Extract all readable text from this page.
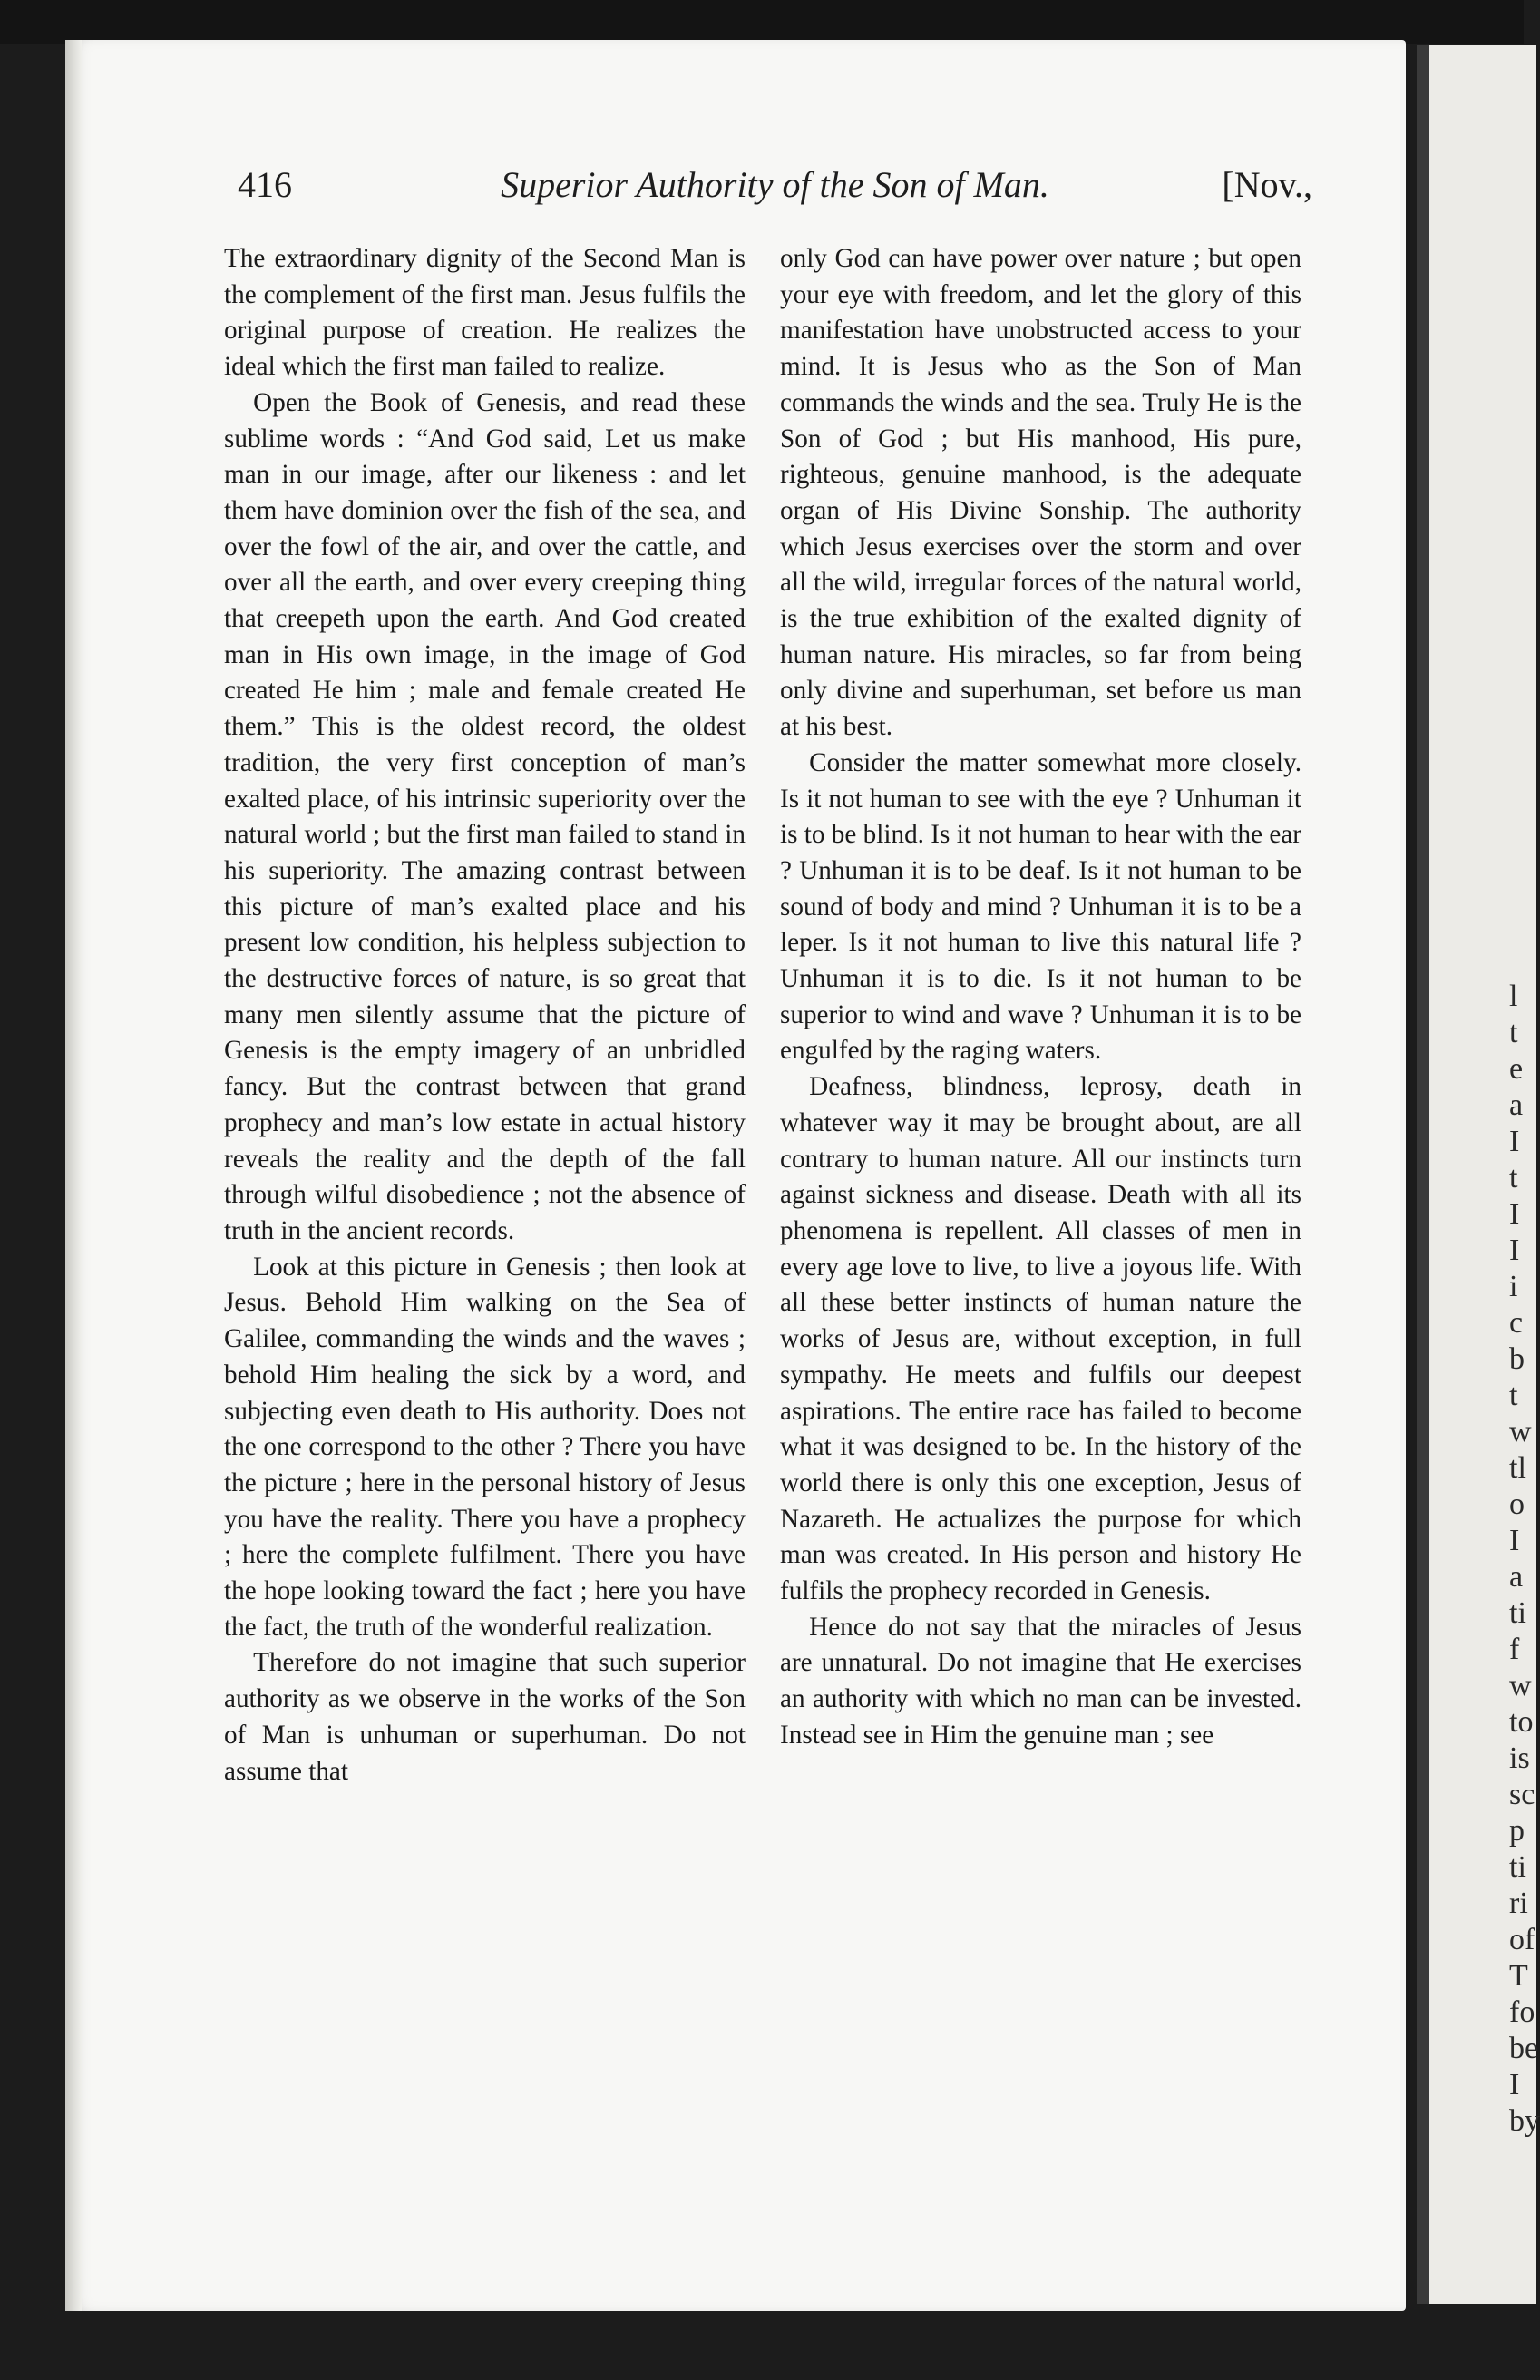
l
t
e
a
I
t
I
I
i
c
b
t
w
tl
o
I
a
ti
f
w
to
is
sc
p
ti
ri
of
T
fo
be
I
by
416	Superior Authority of the Son of Man.	[Nov.,

The extraordinary dignity of the Second Man is the complement of the first man. Jesus fulfils the original purpose of creation. He realizes the ideal which the first man failed to realize.

Open the Book of Genesis, and read these sublime words : “And God said, Let us make man in our image, after our likeness : and let them have dominion over the fish of the sea, and over the fowl of the air, and over the cattle, and over all the earth, and over every creeping thing that creepeth upon the earth. And God created man in His own image, in the image of God created He him ; male and female created He them.” This is the oldest record, the oldest tradition, the very first conception of man’s exalted place, of his intrinsic superiority over the natural world ; but the first man failed to stand in his superiority. The amazing contrast between this picture of man’s exalted place and his present low condition, his helpless subjection to the destructive forces of nature, is so great that many men silently assume that the picture of Genesis is the empty imagery of an unbridled fancy. But the contrast between that grand prophecy and man’s low estate in actual history reveals the reality and the depth of the fall through wilful disobedience ; not the absence of truth in the ancient records.

Look at this picture in Genesis ; then look at Jesus. Behold Him walking on the Sea of Galilee, commanding the winds and the waves ; behold Him healing the sick by a word, and subjecting even death to His authority. Does not the one correspond to the other ? There you have the picture ; here in the personal history of Jesus you have the reality. There you have a prophecy ; here the complete fulfilment. There you have the hope looking toward the fact ; here you have the fact, the truth of the wonderful realization.

Therefore do not imagine that such superior authority as we observe in the works of the Son of Man is unhuman or superhuman. Do not assume that

only God can have power over nature ; but open your eye with freedom, and let the glory of this manifestation have unobstructed access to your mind. It is Jesus who as the Son of Man commands the winds and the sea. Truly He is the Son of God ; but His manhood, His pure, righteous, genuine manhood, is the adequate organ of His Divine Sonship. The authority which Jesus exercises over the storm and over all the wild, irregular forces of the natural world, is the true exhibition of the exalted dignity of human nature. His miracles, so far from being only divine and superhuman, set before us man at his best.

Consider the matter somewhat more closely. Is it not human to see with the eye ? Unhuman it is to be blind. Is it not human to hear with the ear ? Unhuman it is to be deaf. Is it not human to be sound of body and mind ? Unhuman it is to be a leper. Is it not human to live this natural life ? Unhuman it is to die. Is it not human to be superior to wind and wave ? Unhuman it is to be engulfed by the raging waters.

Deafness, blindness, leprosy, death in whatever way it may be brought about, are all contrary to human nature. All our instincts turn against sickness and disease. Death with all its phenomena is repellent. All classes of men in every age love to live, to live a joyous life. With all these better instincts of human nature the works of Jesus are, without exception, in full sympathy. He meets and fulfils our deepest aspirations. The entire race has failed to become what it was designed to be. In the history of the world there is only this one exception, Jesus of Nazareth. He actualizes the purpose for which man was created. In His person and history He fulfils the prophecy recorded in Genesis.

Hence do not say that the miracles of Jesus are unnatural. Do not imagine that He exercises an authority with which no man can be invested. Instead see in Him the genuine man ; see
